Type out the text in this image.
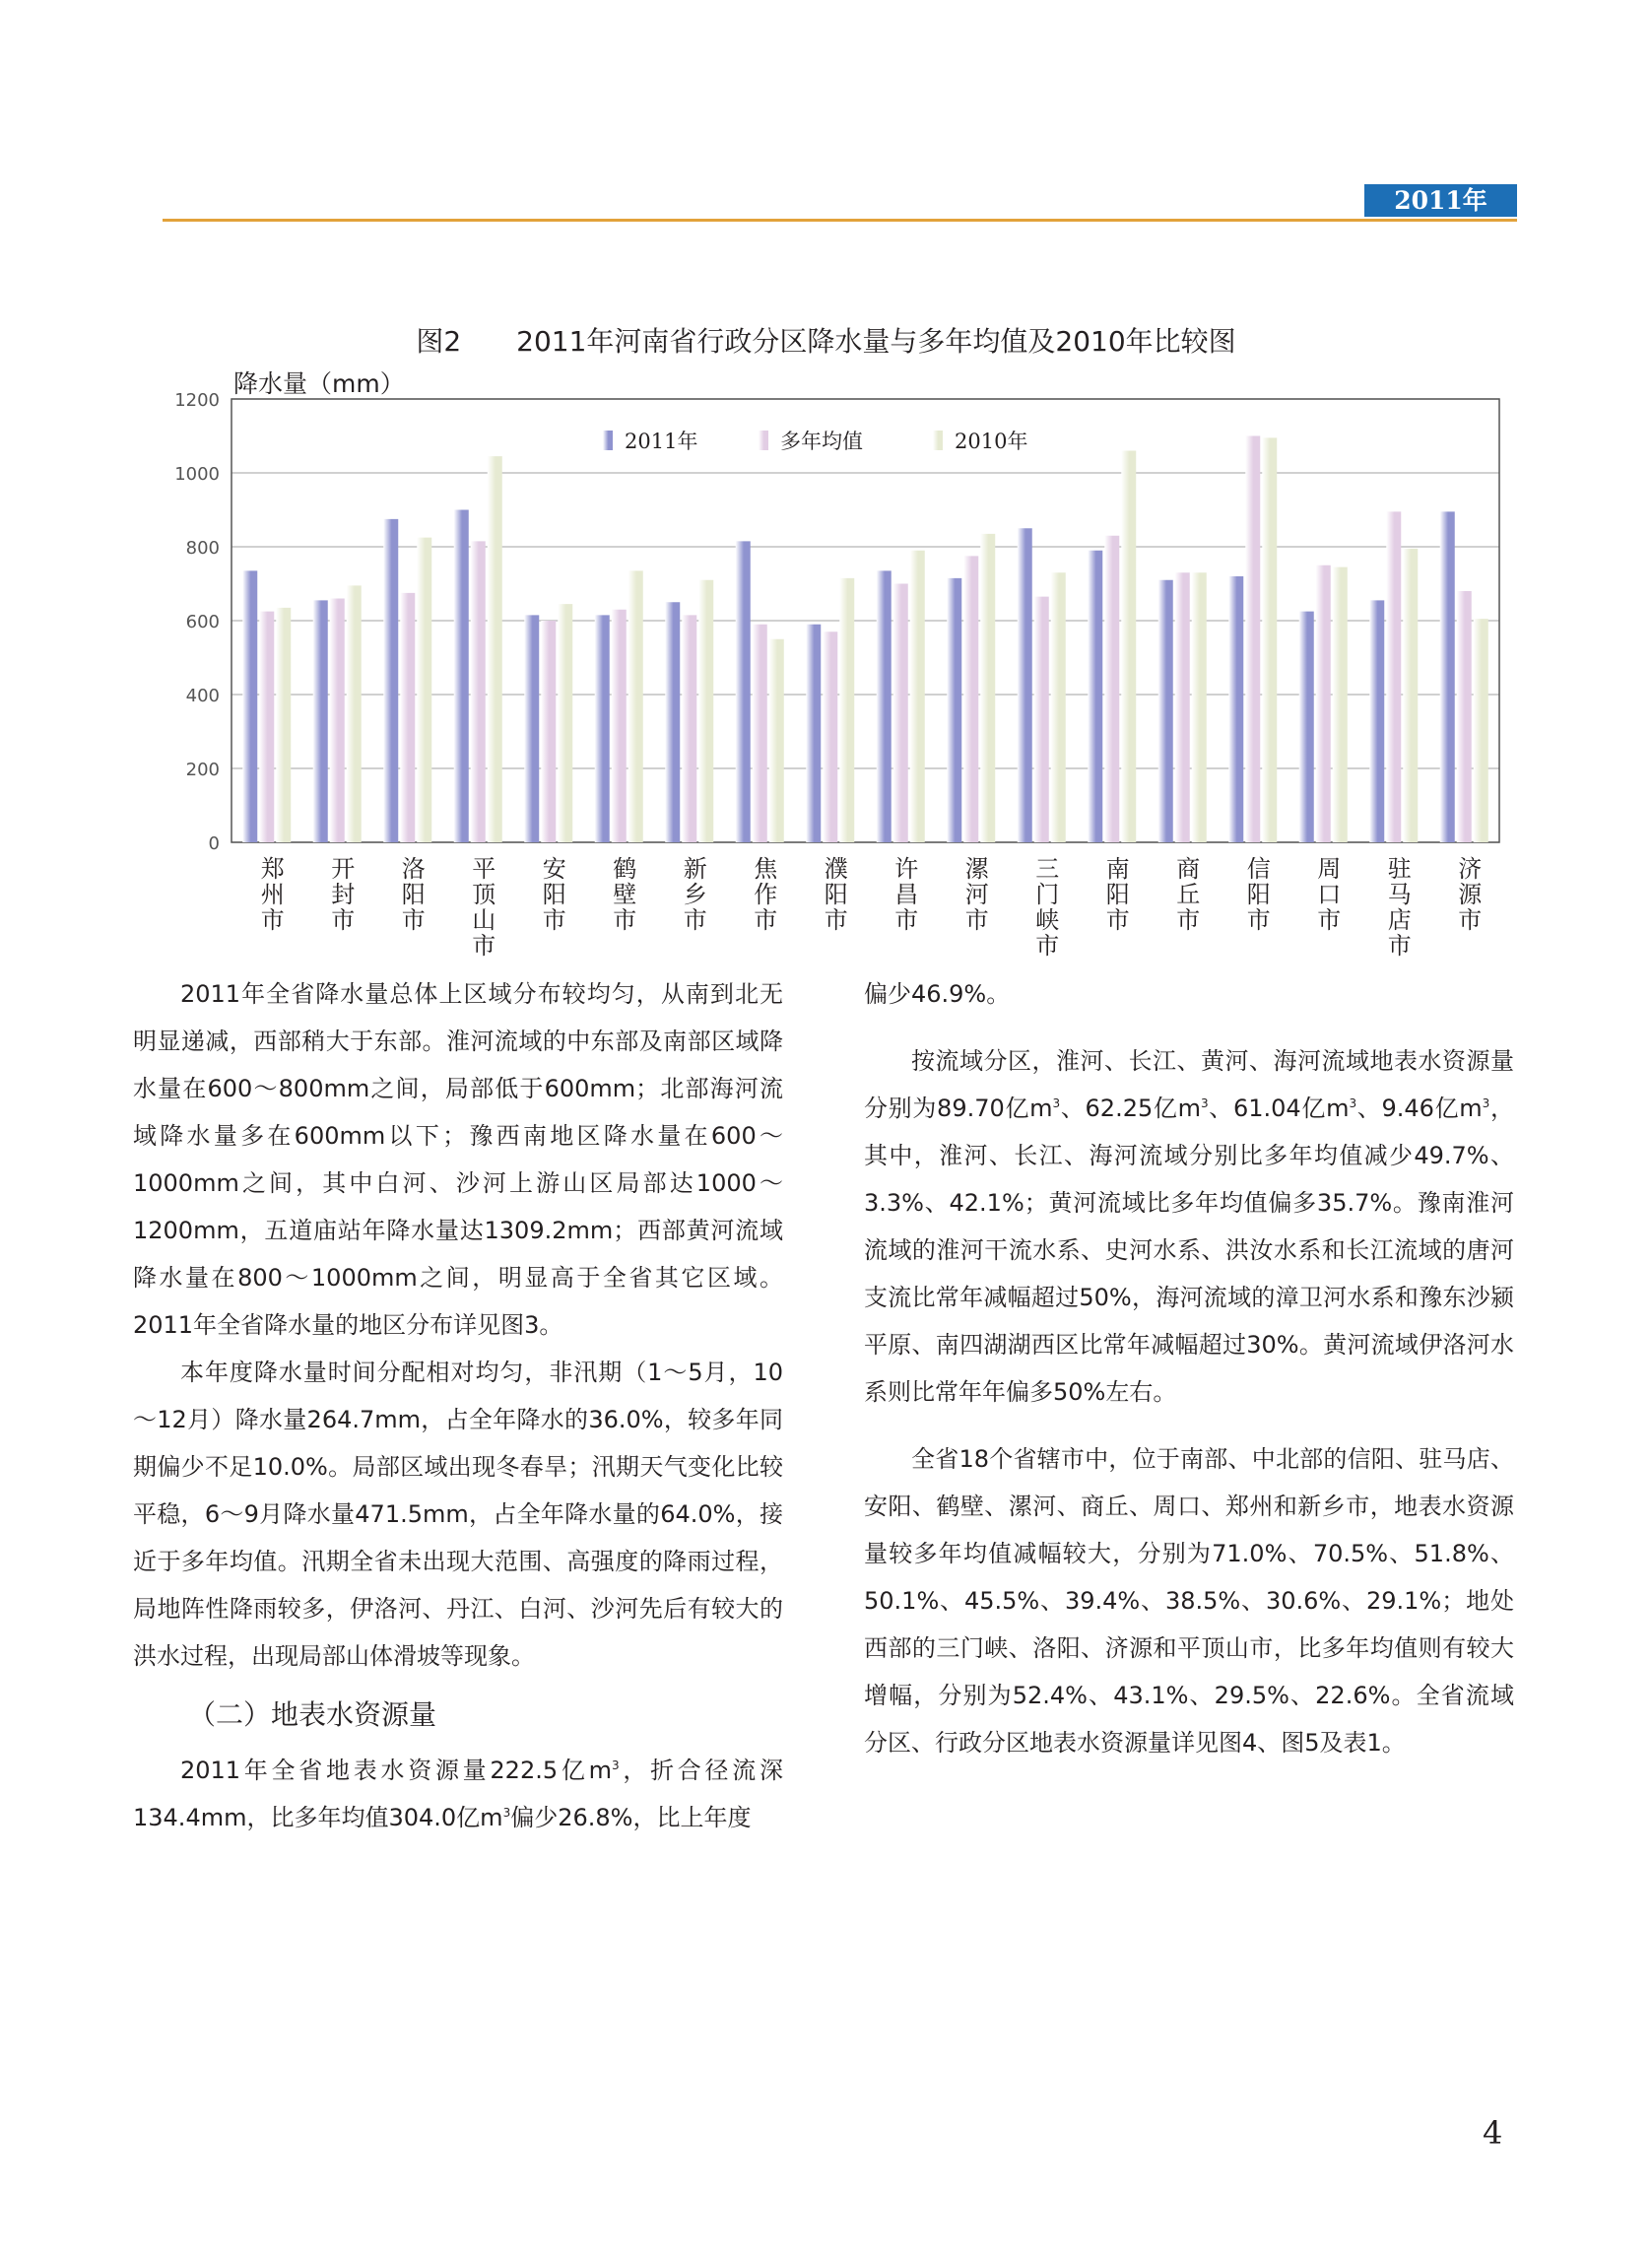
2011年
图2　　2011年河南省行政分区降水量与多年均值及2010年比较图
降水量（mm）
0
200
400
600
800
1000
1200
郑州市
开封市
洛阳市
平顶山市
安阳市
鹤壁市
新乡市
焦作市
濮阳市
许昌市
漯河市
三门峡市
南阳市
商丘市
信阳市
周口市
驻马店市
济源市
2011年	多年均值	2010年

2011年全省降水量总体上区域分布较均匀，从南到北无明显递减，西部稍大于东部。淮河流域的中东部及南部区域降水量在600～800mm之间，局部低于600mm；北部海河流域降水量多在600mm以下；豫西南地区降水量在600～1000mm之间，其中白河、沙河上游山区局部达1000～1200mm，五道庙站年降水量达1309.2mm；西部黄河流域降水量在800～1000mm之间，明显高于全省其它区域。2011年全省降水量的地区分布详见图3。

本年度降水量时间分配相对均匀，非汛期（1～5月，10～12月）降水量264.7mm，占全年降水的36.0%，较多年同期偏少不足10.0%。局部区域出现冬春旱；汛期天气变化比较平稳，6～9月降水量471.5mm，占全年降水量的64.0%，接近于多年均值。汛期全省未出现大范围、高强度的降雨过程，局地阵性降雨较多，伊洛河、丹江、白河、沙河先后有较大的洪水过程，出现局部山体滑坡等现象。

（二）地表水资源量

2011年全省地表水资源量222.5亿$m^3$，折合径流深134.4mm，比多年均值304.0亿$m^3$偏少26.8%，比上年度

偏少46.9%。

按流域分区，淮河、长江、黄河、海河流域地表水资源量分别为89.70亿$m^3$、62.25亿$m^3$、61.04亿$m^3$、9.46亿$m^3$，其中，淮河、长江、海河流域分别比多年均值减少49.7%、3.3%、42.1%；黄河流域比多年均值偏多35.7%。豫南淮河流域的淮河干流水系、史河水系、洪汝水系和长江流域的唐河支流比常年减幅超过50%，海河流域的漳卫河水系和豫东沙颍平原、南四湖湖西区比常年减幅超过30%。黄河流域伊洛河水系则比常年年偏多50%左右。

全省18个省辖市中，位于南部、中北部的信阳、驻马店、安阳、鹤壁、漯河、商丘、周口、郑州和新乡市，地表水资源量较多年均值减幅较大，分别为71.0%、70.5%、51.8%、50.1%、45.5%、39.4%、38.5%、30.6%、29.1%；地处西部的三门峡、洛阳、济源和平顶山市，比多年均值则有较大增幅，分别为52.4%、43.1%、29.5%、22.6%。全省流域分区、行政分区地表水资源量详见图4、图5及表1。

4
